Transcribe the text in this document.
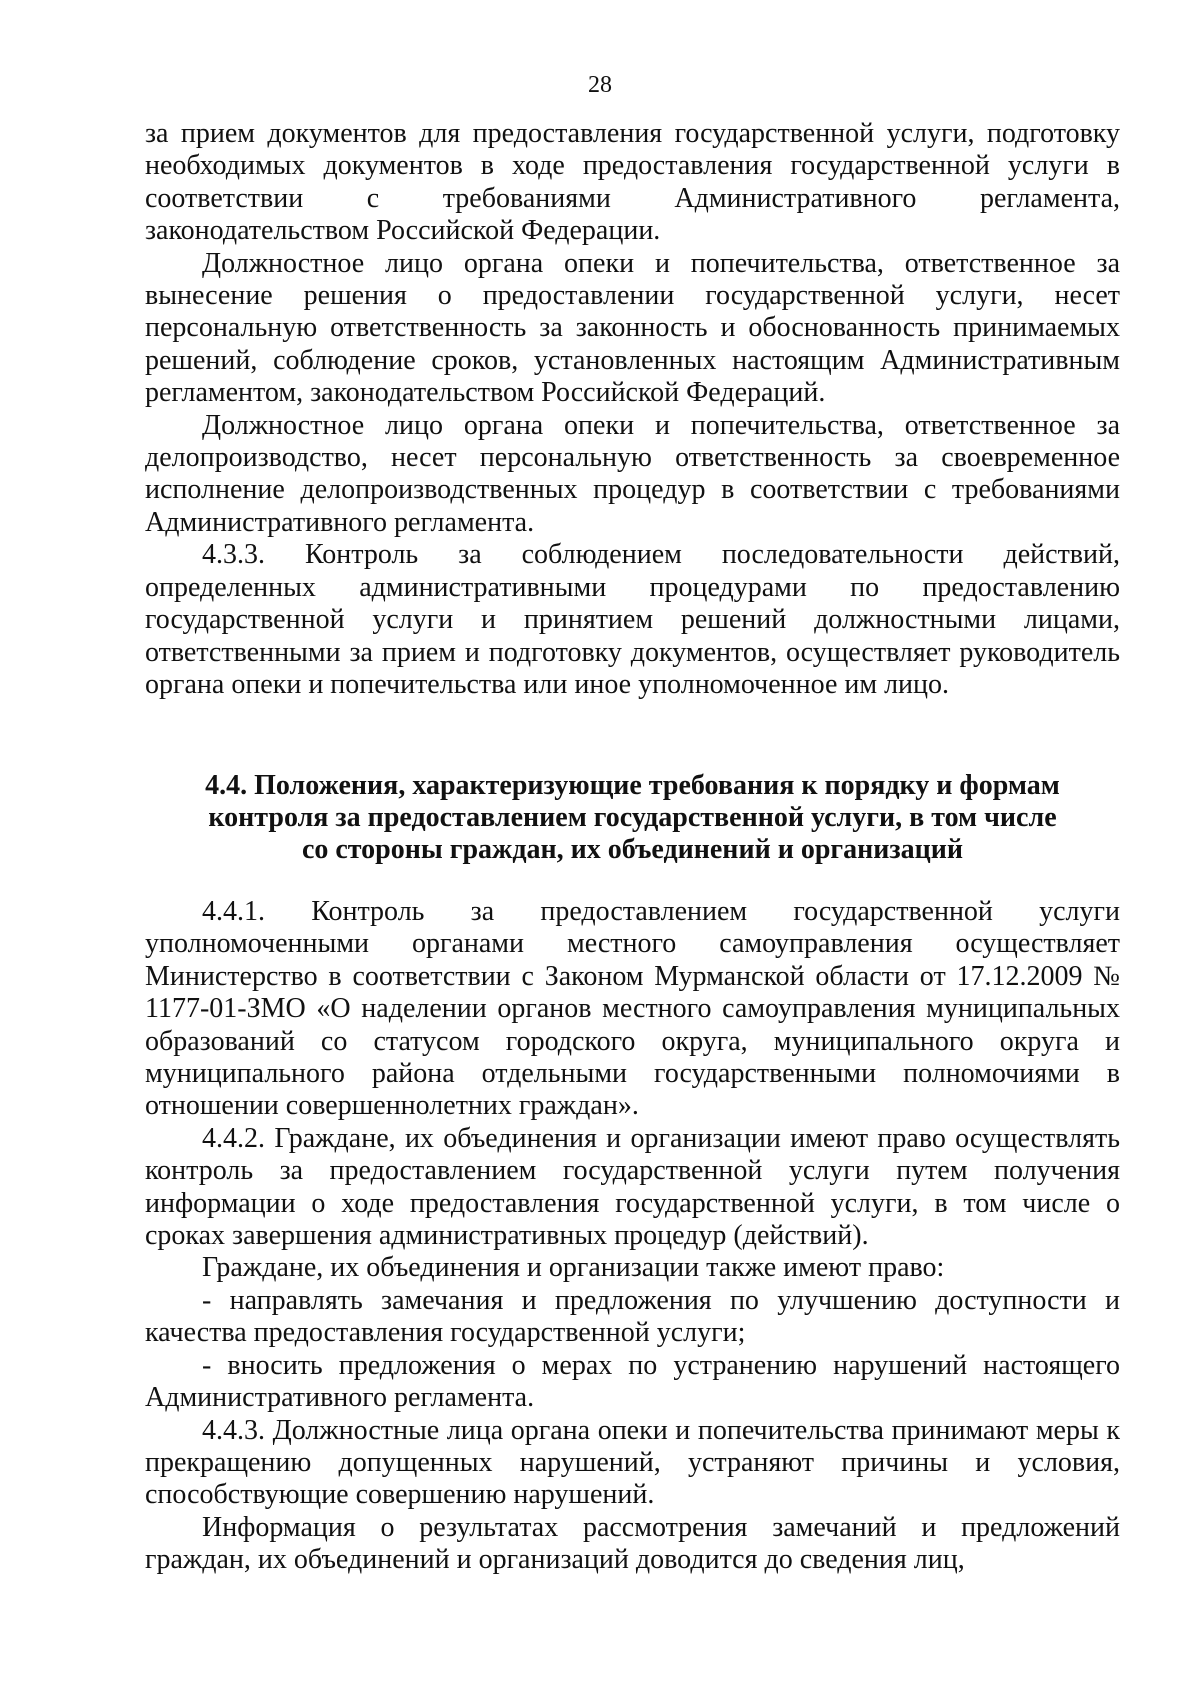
28

за прием документов для предоставления государственной услуги, подготовку необходимых документов в ходе предоставления государственной услуги в соответствии с требованиями Административного регламента, законодательством Российской Федерации.

Должностное лицо органа опеки и попечительства, ответственное за вынесение решения о предоставлении государственной услуги, несет персональную ответственность за законность и обоснованность принимаемых решений, соблюдение сроков, установленных настоящим Административным регламентом, законодательством Российской Федераций.

Должностное лицо органа опеки и попечительства, ответственное за делопроизводство, несет персональную ответственность за своевременное исполнение делопроизводственных процедур в соответствии с требованиями Административного регламента.

4.3.3. Контроль за соблюдением последовательности действий, определенных административными процедурами по предоставлению государственной услуги и принятием решений должностными лицами, ответственными за прием и подготовку документов, осуществляет руководитель органа опеки и попечительства или иное уполномоченное им лицо.

4.4. Положения, характеризующие требования к порядку и формам
контроля за предоставлением государственной услуги, в том числе
со стороны граждан, их объединений и организаций

4.4.1. Контроль за предоставлением государственной услуги уполномоченными органами местного самоуправления осуществляет Министерство в соответствии с Законом Мурманской области от 17.12.2009 № 1177-01-ЗМО «О наделении органов местного самоуправления муниципальных образований со статусом городского округа, муниципального округа и муниципального района отдельными государственными полномочиями в отношении совершеннолетних граждан».

4.4.2. Граждане, их объединения и организации имеют право осуществлять контроль за предоставлением государственной услуги путем получения информации о ходе предоставления государственной услуги, в том числе о сроках завершения административных процедур (действий).

Граждане, их объединения и организации также имеют право:

- направлять замечания и предложения по улучшению доступности и качества предоставления государственной услуги;

- вносить предложения о мерах по устранению нарушений настоящего Административного регламента.

4.4.3. Должностные лица органа опеки и попечительства принимают меры к прекращению допущенных нарушений, устраняют причины и условия, способствующие совершению нарушений.

Информация о результатах рассмотрения замечаний и предложений граждан, их объединений и организаций доводится до сведения лиц,
